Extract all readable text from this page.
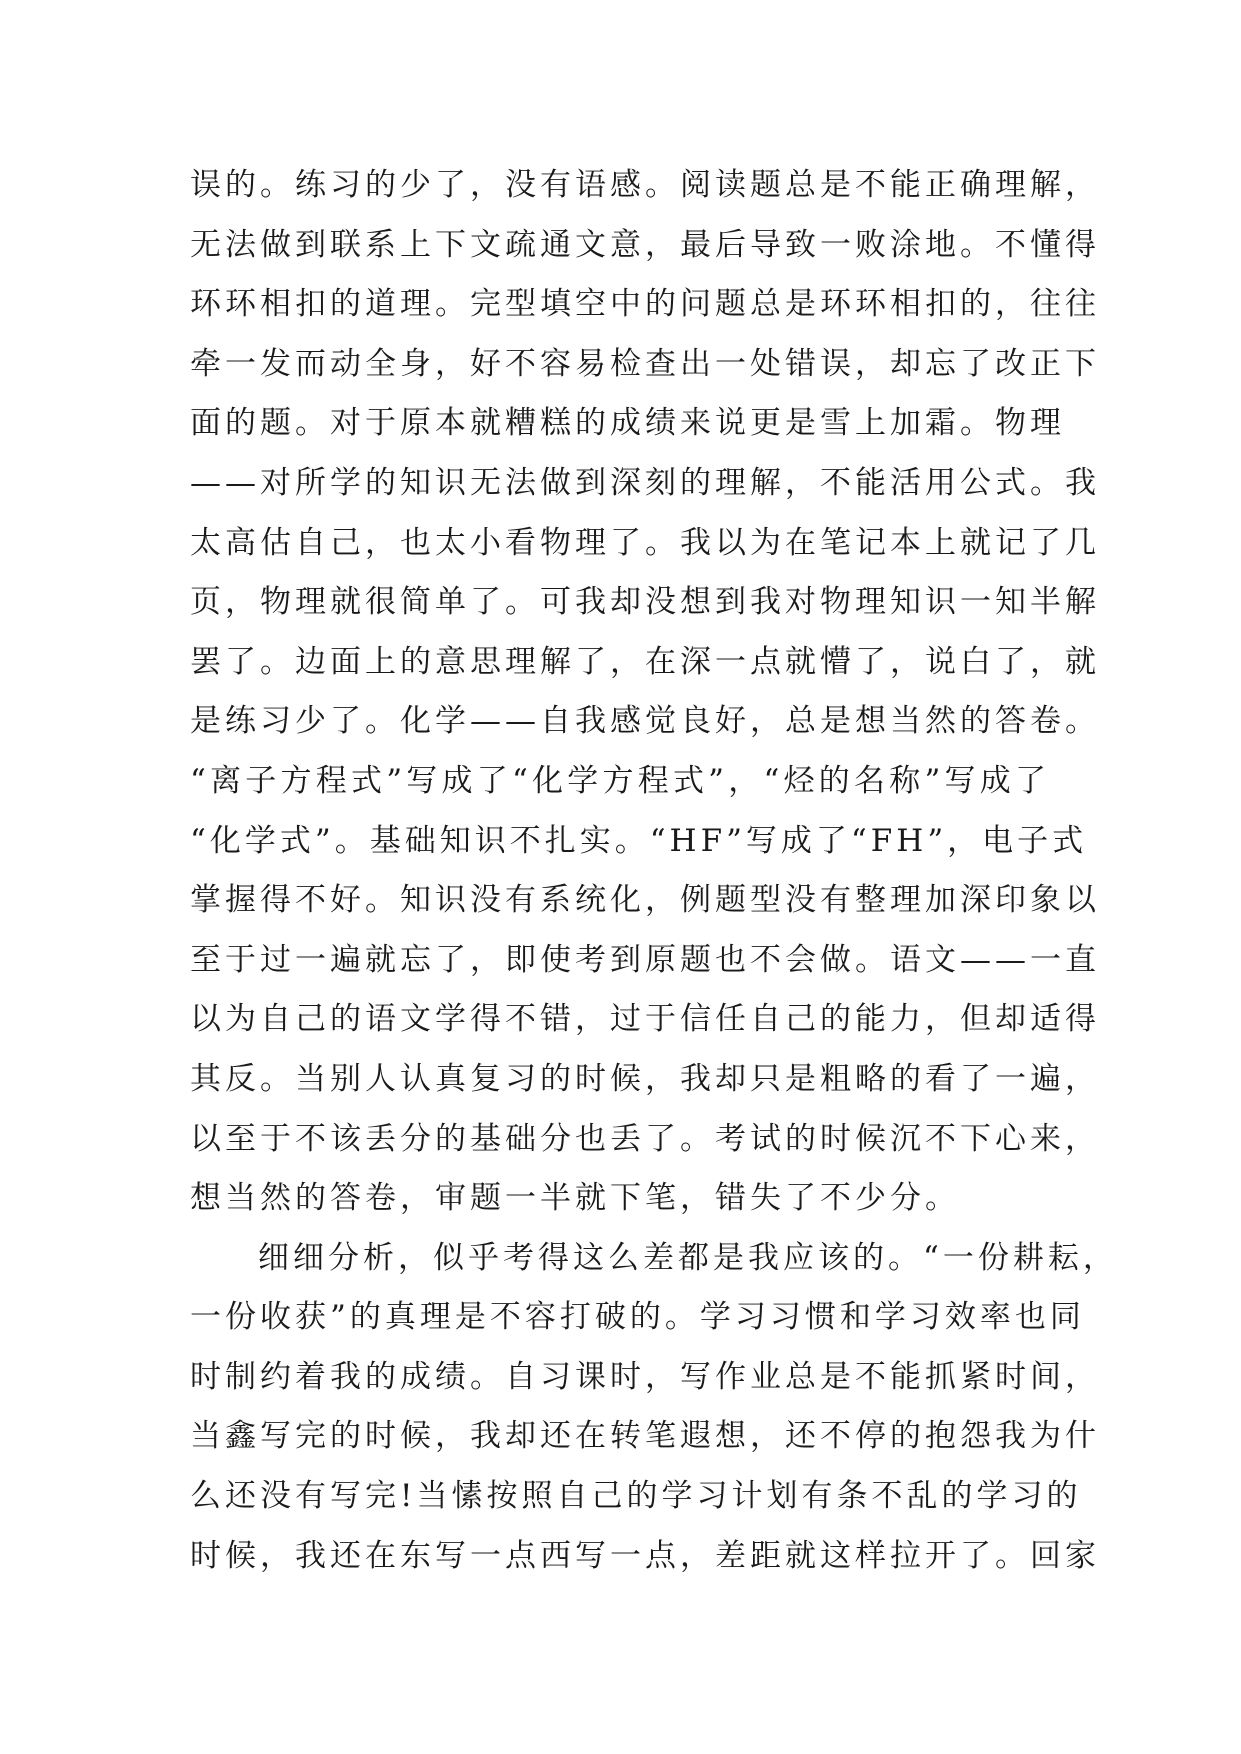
误的。练习的少了，没有语感。阅读题总是不能正确理解，
无法做到联系上下文疏通文意，最后导致一败涂地。不懂得
环环相扣的道理。完型填空中的问题总是环环相扣的，往往
牵一发而动全身，好不容易检查出一处错误，却忘了改正下
面的题。对于原本就糟糕的成绩来说更是雪上加霜。物理
——对所学的知识无法做到深刻的理解，不能活用公式。我
太高估自己，也太小看物理了。我以为在笔记本上就记了几
页，物理就很简单了。可我却没想到我对物理知识一知半解
罢了。边面上的意思理解了，在深一点就懵了，说白了，就
是练习少了。化学——自我感觉良好，总是想当然的答卷。
“离子方程式”写成了“化学方程式”，“烃的名称”写成了
“化学式”。基础知识不扎实。“HF”写成了“FH”，电子式
掌握得不好。知识没有系统化，例题型没有整理加深印象以
至于过一遍就忘了，即使考到原题也不会做。语文——一直
以为自己的语文学得不错，过于信任自己的能力，但却适得
其反。当别人认真复习的时候，我却只是粗略的看了一遍，
以至于不该丢分的基础分也丢了。考试的时候沉不下心来，
想当然的答卷，审题一半就下笔，错失了不少分。
细细分析，似乎考得这么差都是我应该的。“一份耕耘，
一份收获”的真理是不容打破的。学习习惯和学习效率也同
时制约着我的成绩。自习课时，写作业总是不能抓紧时间，
当鑫写完的时候，我却还在转笔遐想，还不停的抱怨我为什
么还没有写完!当愫按照自己的学习计划有条不乱的学习的
时候，我还在东写一点西写一点，差距就这样拉开了。回家
